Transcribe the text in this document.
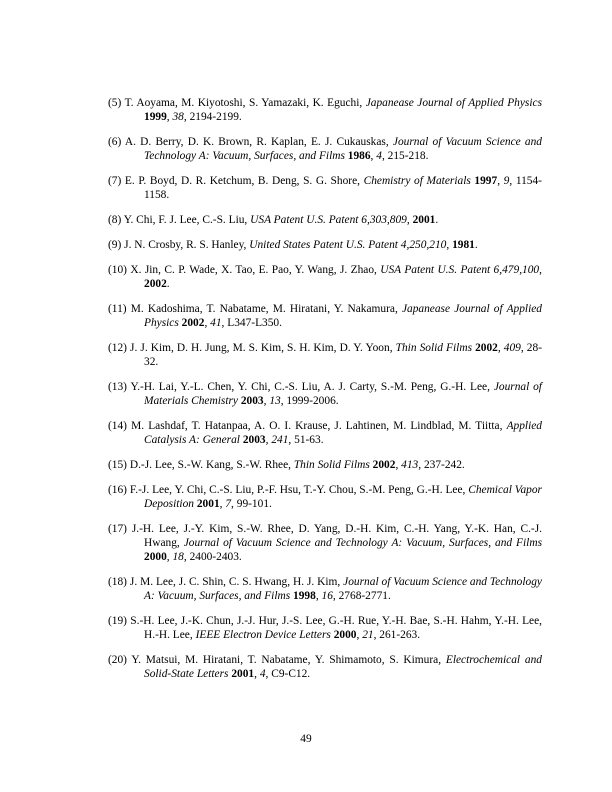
(5) T. Aoyama, M. Kiyotoshi, S. Yamazaki, K. Eguchi, Japanease Journal of Applied Physics 1999, 38, 2194-2199.

(6) A. D. Berry, D. K. Brown, R. Kaplan, E. J. Cukauskas, Journal of Vacuum Science and Technology A: Vacuum, Surfaces, and Films 1986, 4, 215-218.

(7) E. P. Boyd, D. R. Ketchum, B. Deng, S. G. Shore, Chemistry of Materials 1997, 9, 1154-1158.

(8) Y. Chi, F. J. Lee, C.-S. Liu, USA Patent U.S. Patent 6,303,809, 2001.

(9) J. N. Crosby, R. S. Hanley, United States Patent U.S. Patent 4,250,210, 1981.

(10) X. Jin, C. P. Wade, X. Tao, E. Pao, Y. Wang, J. Zhao, USA Patent U.S. Patent 6,479,100, 2002.

(11) M. Kadoshima, T. Nabatame, M. Hiratani, Y. Nakamura, Japanease Journal of Applied Physics 2002, 41, L347-L350.

(12) J. J. Kim, D. H. Jung, M. S. Kim, S. H. Kim, D. Y. Yoon, Thin Solid Films 2002, 409, 28-32.

(13) Y.-H. Lai, Y.-L. Chen, Y. Chi, C.-S. Liu, A. J. Carty, S.-M. Peng, G.-H. Lee, Journal of Materials Chemistry 2003, 13, 1999-2006.

(14) M. Lashdaf, T. Hatanpaa, A. O. I. Krause, J. Lahtinen, M. Lindblad, M. Tiitta, Applied Catalysis A: General 2003, 241, 51-63.

(15) D.-J. Lee, S.-W. Kang, S.-W. Rhee, Thin Solid Films 2002, 413, 237-242.

(16) F.-J. Lee, Y. Chi, C.-S. Liu, P.-F. Hsu, T.-Y. Chou, S.-M. Peng, G.-H. Lee, Chemical Vapor Deposition 2001, 7, 99-101.

(17) J.-H. Lee, J.-Y. Kim, S.-W. Rhee, D. Yang, D.-H. Kim, C.-H. Yang, Y.-K. Han, C.-J. Hwang, Journal of Vacuum Science and Technology A: Vacuum, Surfaces, and Films 2000, 18, 2400-2403.

(18) J. M. Lee, J. C. Shin, C. S. Hwang, H. J. Kim, Journal of Vacuum Science and Technology A: Vacuum, Surfaces, and Films 1998, 16, 2768-2771.

(19) S.-H. Lee, J.-K. Chun, J.-J. Hur, J.-S. Lee, G.-H. Rue, Y.-H. Bae, S.-H. Hahm, Y.-H. Lee, H.-H. Lee, IEEE Electron Device Letters 2000, 21, 261-263.

(20) Y. Matsui, M. Hiratani, T. Nabatame, Y. Shimamoto, S. Kimura, Electrochemical and Solid-State Letters 2001, 4, C9-C12.

49
